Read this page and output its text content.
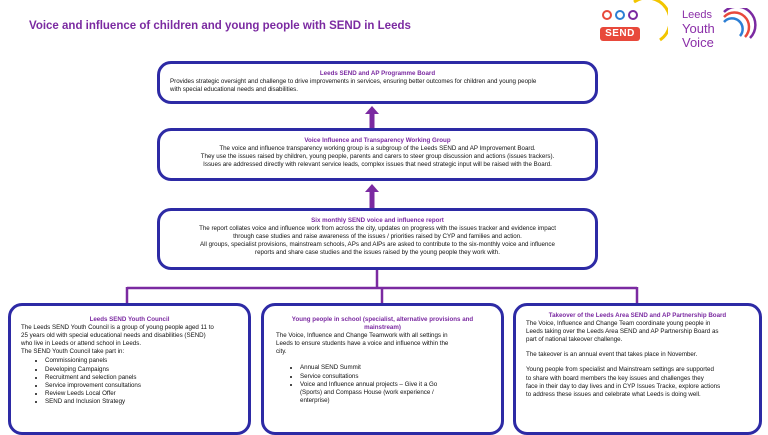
Voice and influence of children and young people with SEND in Leeds
SEND
Leeds
Youth
Voice
Leeds SEND and AP Programme Board
Provides strategic oversight and challenge to drive improvements in services, ensuring better outcomes for children and young people
with special educational needs and disabilities.
Voice Influence and Transparency Working Group
The voice and influence transparency working group is a subgroup of the Leeds SEND and AP Improvement Board.
They use the issues raised by children, young people, parents and carers to steer group discussion and actions (issues trackers).
Issues are addressed directly with relevant service leads, complex issues that need strategic input will be raised with the Board.
Six monthly SEND voice and influence report
The report collates voice and influence work from across the city, updates on progress with the issues tracker and evidence impact
through case studies and raise awareness of the issues / priorities raised by CYP and families and action.
All groups, specialist provisions, mainstream schools, APs and AIPs are asked to contribute to the six-monthly voice and influence
reports and share case studies and the issues raised by the young people they work with.
Leeds SEND Youth Council
The Leeds SEND Youth Council is a group of young people aged 11 to
25 years old with special educational needs and disabilities (SEND)
who live in Leeds or attend school in Leeds.
The SEND Youth Council take part in:
• Commissioning panels
• Developing Campaigns
• Recruitment and selection panels
• Service improvement consultations
• Review Leeds Local Offer
• SEND and Inclusion Strategy
Young people in school (specialist, alternative provisions and
mainstream)
The Voice, Influence and Change Teamwork with all settings in
Leeds to ensure students have a voice and influence within the
city.
• Annual SEND Summit
• Service consultations
• Voice and Influence annual projects – Give it a Go
(Sports) and Compass House (work experience /
enterprise)
Takeover of the Leeds Area SEND and AP Partnership Board
The Voice, Influence and Change Team coordinate young people in
Leeds taking over the Leeds Area SEND and AP Partnership Board as
part of national takeover challenge.
The takeover is an annual event that takes place in November.
Young people from specialist and Mainstream settings are supported
to share with board members the key issues and challenges they
face in their day to day lives and in CYP Issues Tracke, explore actions
to address these issues and celebrate what Leeds is doing well.
